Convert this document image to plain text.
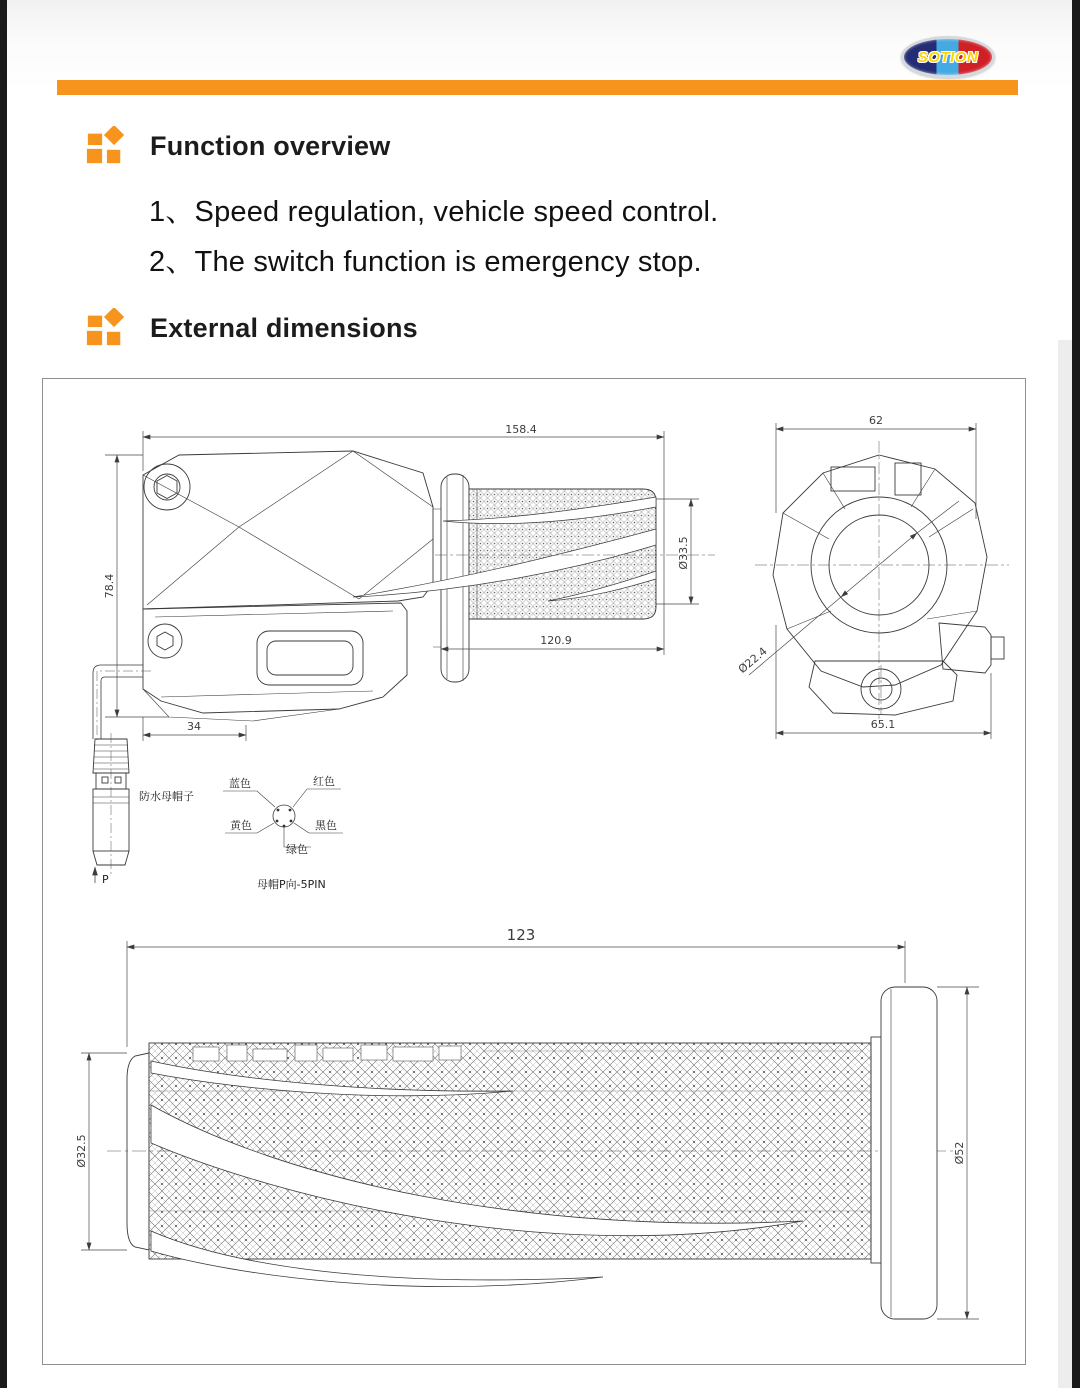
SOTION
Function overview
1、Speed regulation, vehicle speed control.
2、The switch function is emergency stop.
External dimensions
158.4
78.4
Ø33.5
120.9
34
62
65.1
Ø22.4
防水母帽子
P
蓝色	红色
黄色	黑色
绿色
母帽P向-5PIN
123
Ø32.5	Ø52
